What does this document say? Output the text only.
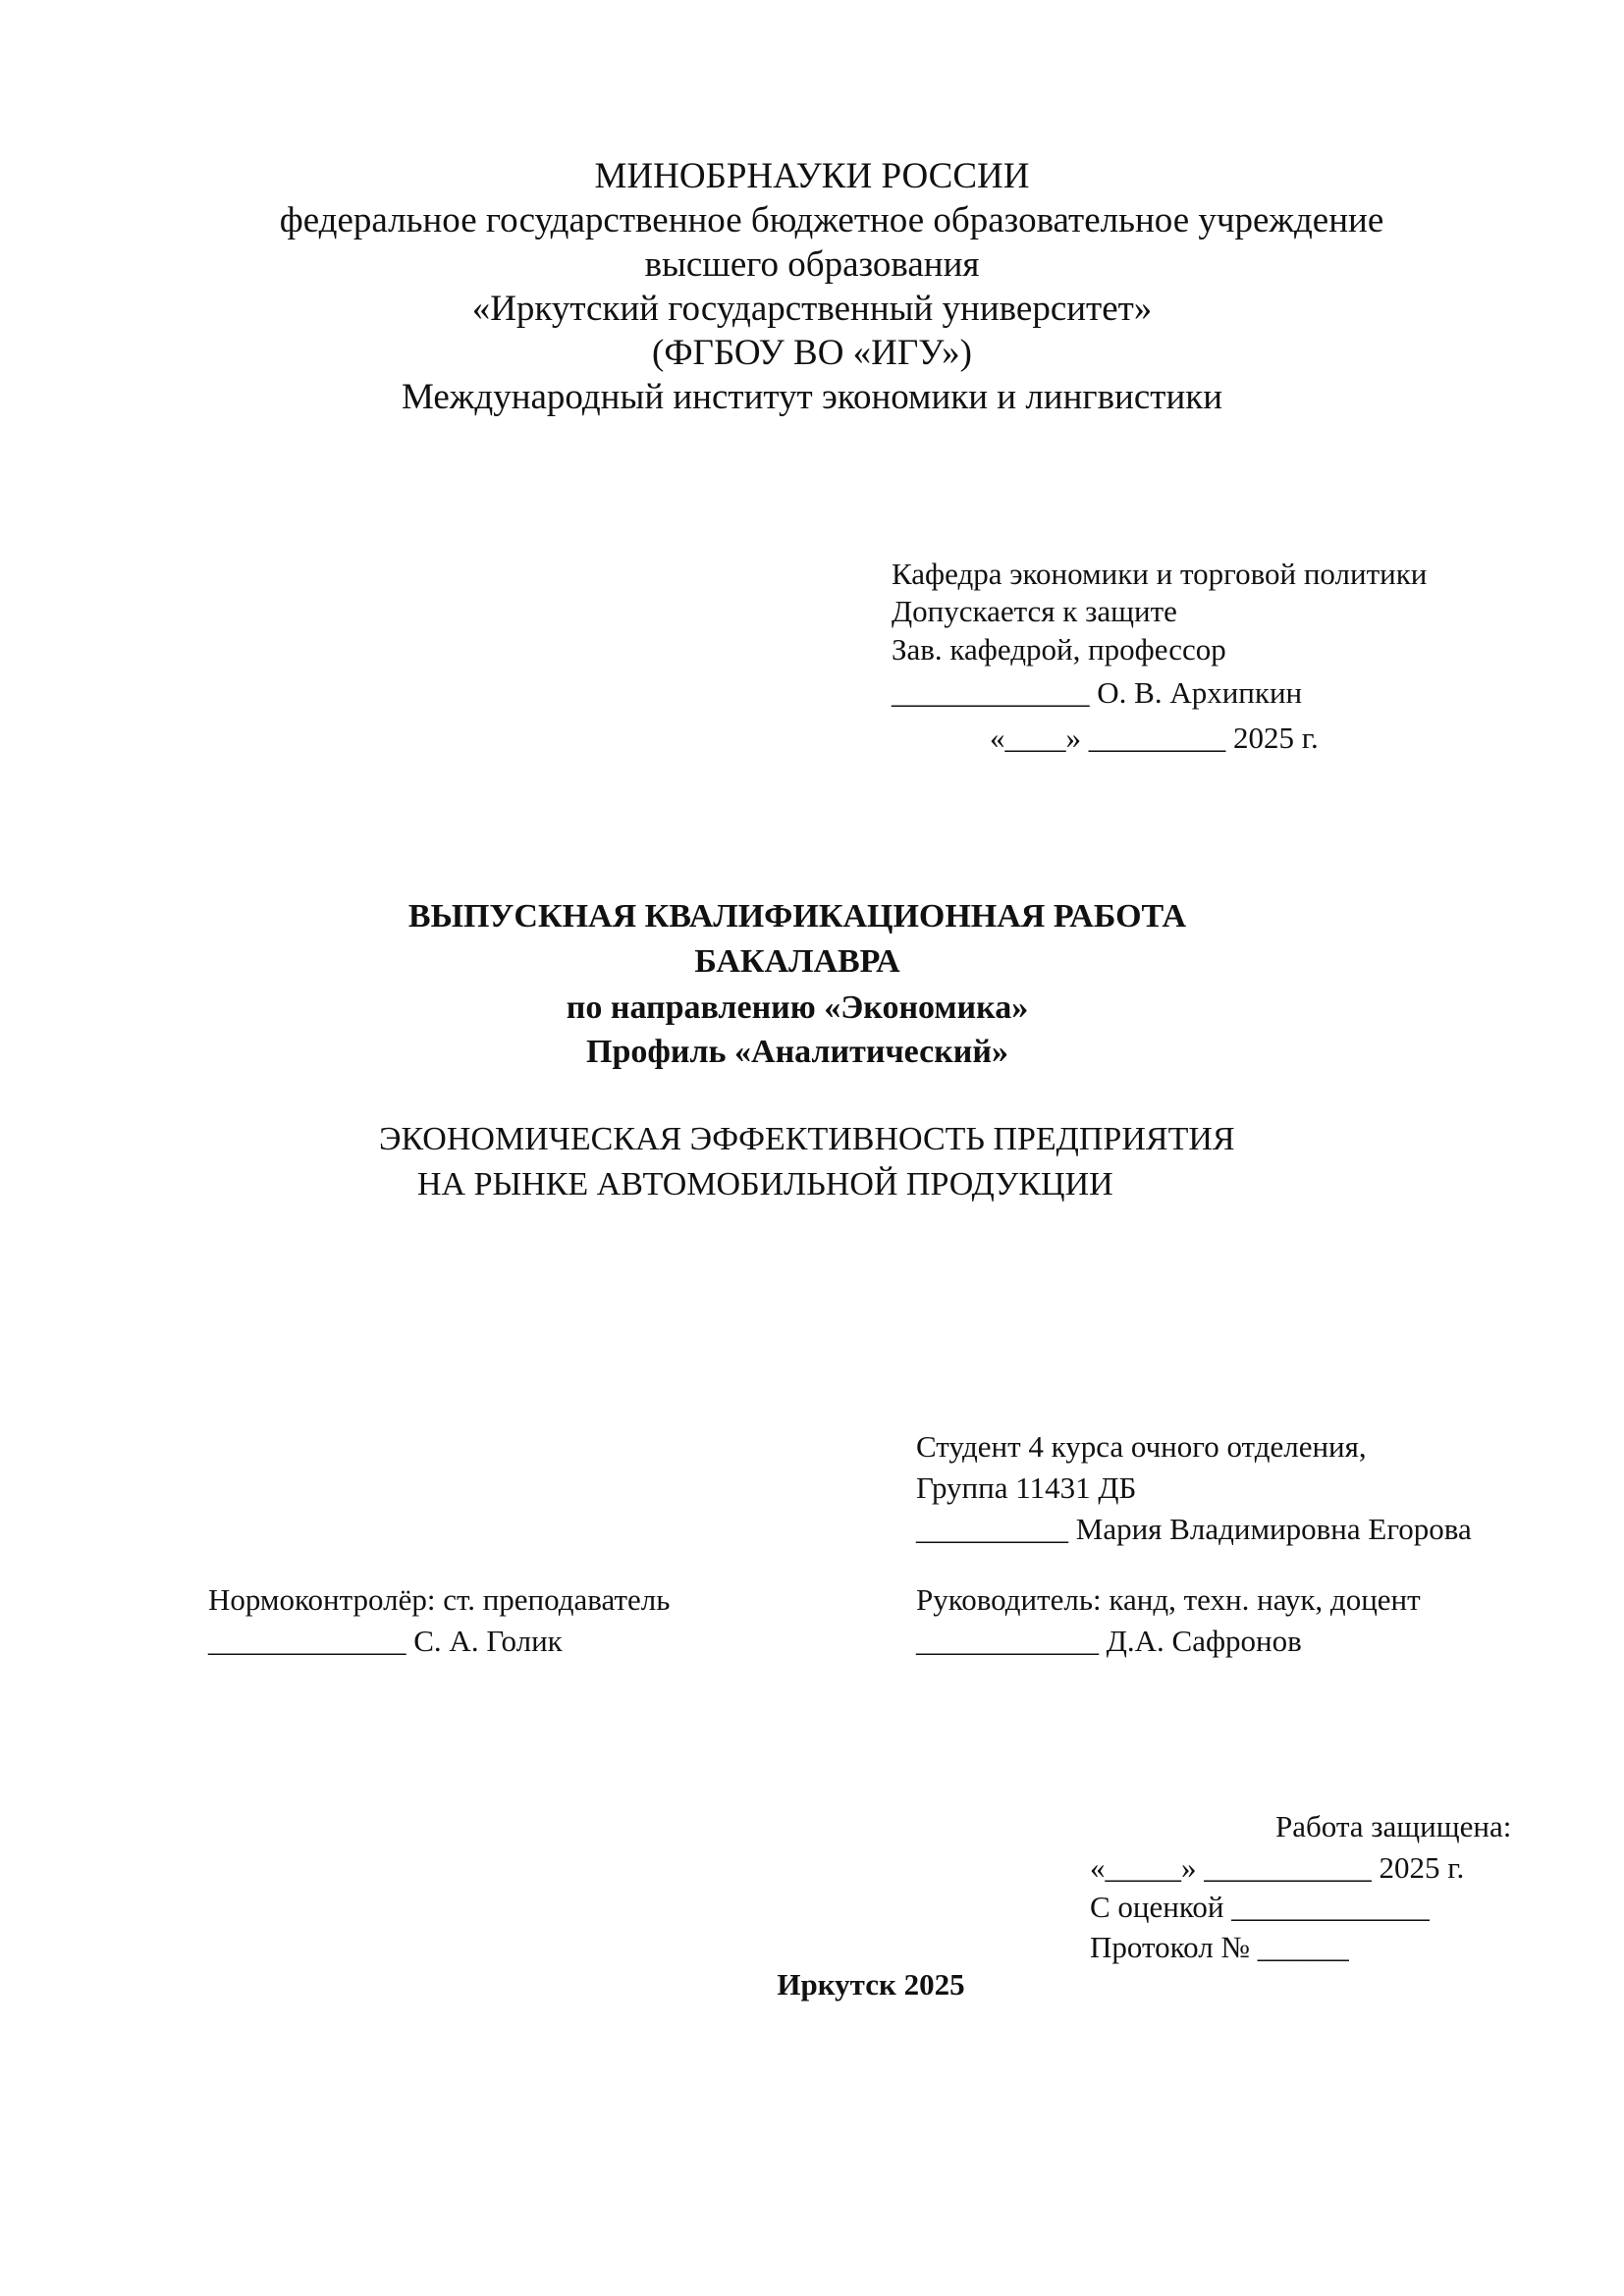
МИНОБРНАУКИ РОССИИ
федеральное государственное бюджетное образовательное учреждение
высшего образования
«Иркутский государственный университет»
(ФГБОУ ВО «ИГУ»)
Международный институт экономики и лингвистики
Кафедра экономики и торговой политики
Допускается к защите
Зав. кафедрой, профессор
_____________ О. В. Архипкин
«____» _________ 2025 г.
ВЫПУСКНАЯ КВАЛИФИКАЦИОННАЯ РАБОТА
БАКАЛАВРА
по направлению «Экономика»
Профиль «Аналитический»
ЭКОНОМИЧЕСКАЯ ЭФФЕКТИВНОСТЬ ПРЕДПРИЯТИЯ
НА РЫНКЕ АВТОМОБИЛЬНОЙ ПРОДУКЦИИ
Студент 4 курса очного отделения,
Группа 11431 ДБ
__________ Мария Владимировна Егорова
Нормоконтролёр: ст. преподаватель
_____________ С. А. Голик
Руководитель: канд, техн. наук, доцент
____________ Д.А. Сафронов
Работа защищена:
«_____» ___________ 2025 г.
С оценкой _____________
Протокол № ______
Иркутск 2025
